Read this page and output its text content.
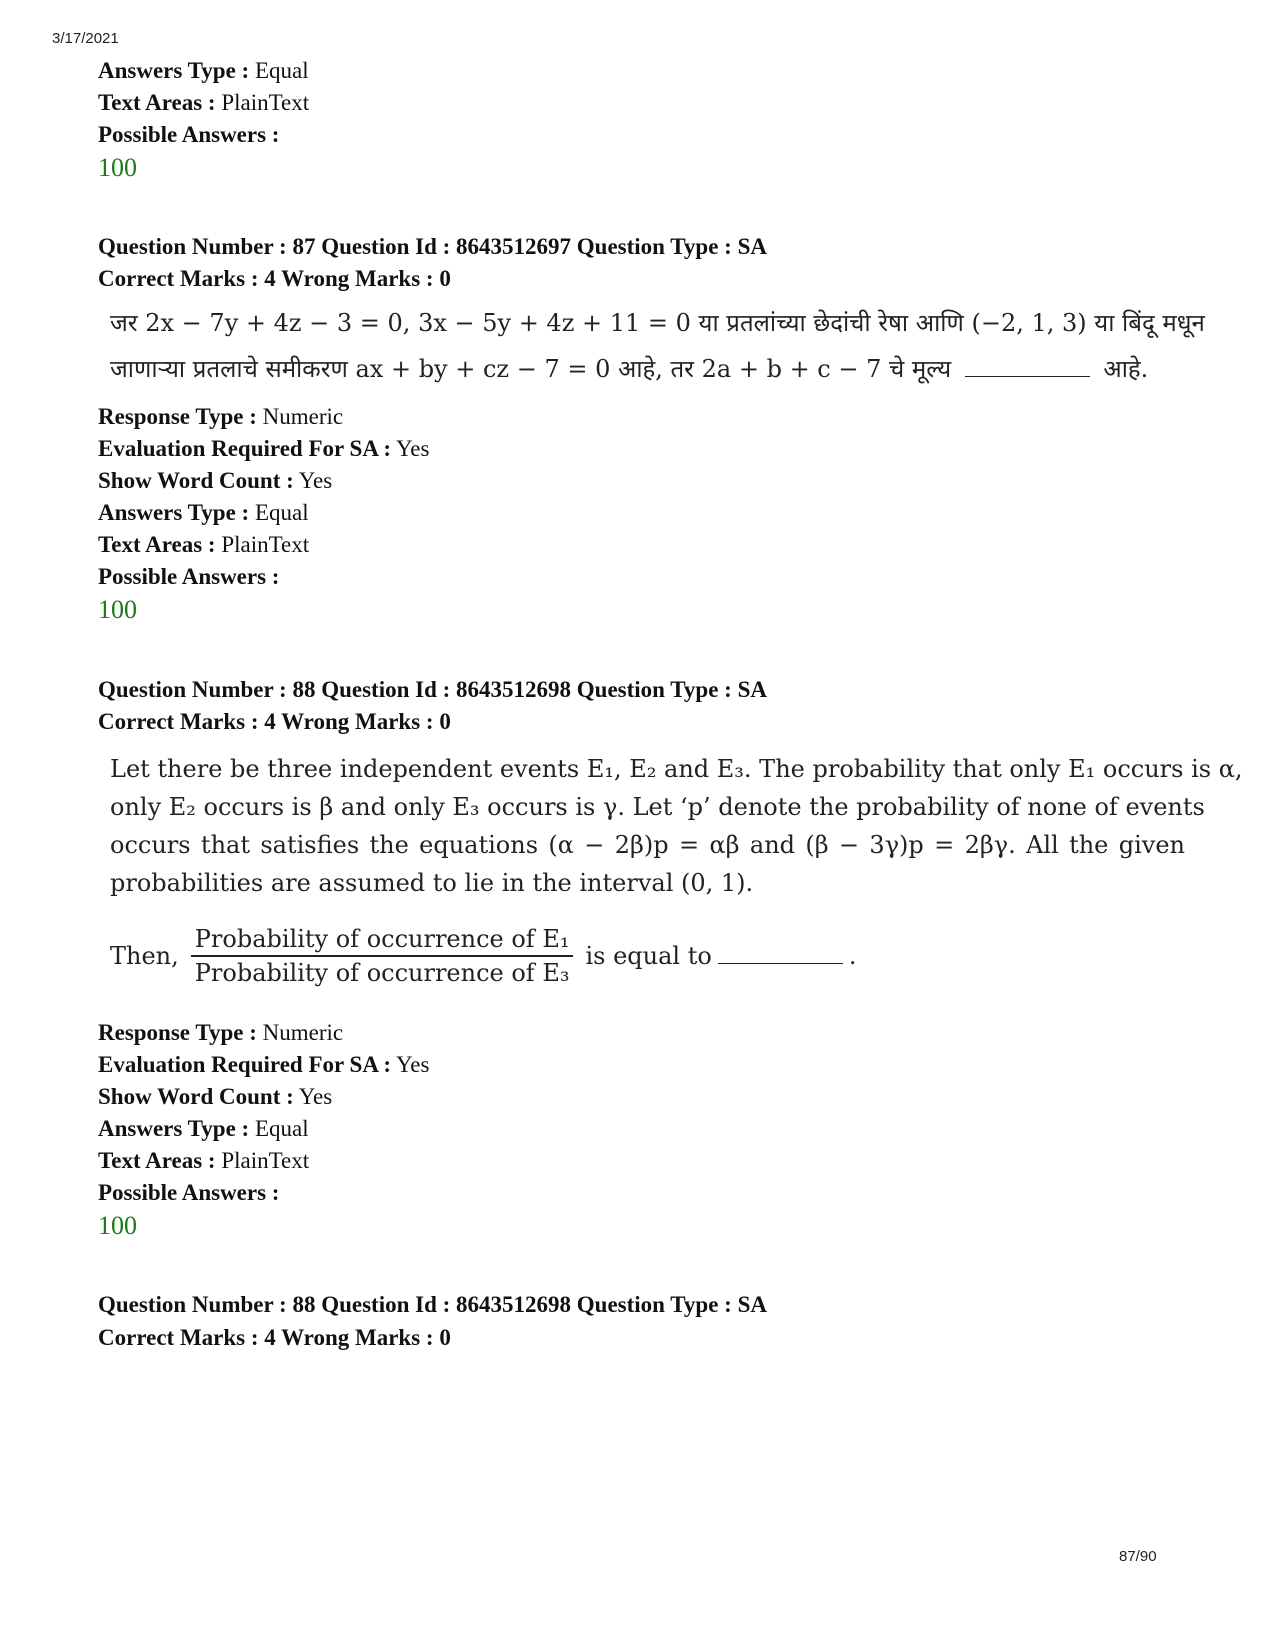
3/17/2021
87/90
Answers Type : Equal
Text Areas : PlainText
Possible Answers :
100
Question Number : 87 Question Id : 8643512697 Question Type : SA
Correct Marks : 4 Wrong Marks : 0
जर 2x − 7y + 4z − 3 = 0, 3x − 5y + 4z + 11 = 0 या प्रतलांच्या छेदांची रेषा आणि (−2, 1, 3) या बिंदू मधून
जाणाऱ्या प्रतलाचे समीकरण ax + by + cz − 7 = 0 आहे, तर 2a + b + c − 7 चे मूल्य	आहे.
Response Type : Numeric
Evaluation Required For SA : Yes
Show Word Count : Yes
Answers Type : Equal
Text Areas : PlainText
Possible Answers :
100
Question Number : 88 Question Id : 8643512698 Question Type : SA
Correct Marks : 4 Wrong Marks : 0
Let there be three independent events E₁, E₂ and E₃. The probability that only E₁ occurs is α,
only E₂ occurs is β and only E₃ occurs is γ. Let ‘p’ denote the probability of none of events
occurs that satisfies the equations (α − 2β)p = αβ and (β − 3γ)p = 2βγ. All the given
probabilities are assumed to lie in the interval (0, 1).
Then, $\frac{\text{Probability of occurrence of E₁}}{\text{Probability of occurrence of E₃}}$ is equal to	.
Response Type : Numeric
Evaluation Required For SA : Yes
Show Word Count : Yes
Answers Type : Equal
Text Areas : PlainText
Possible Answers :
100
Question Number : 88 Question Id : 8643512698 Question Type : SA
Correct Marks : 4 Wrong Marks : 0
